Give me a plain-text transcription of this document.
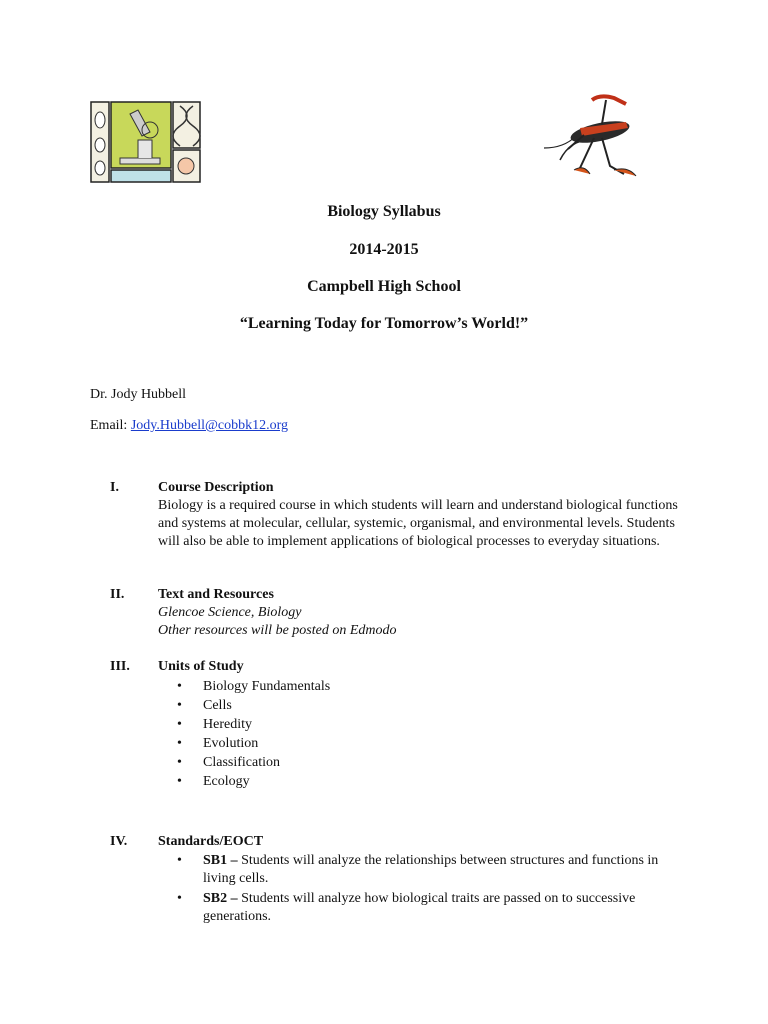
Biology Syllabus
2014-2015
Campbell High School
“Learning Today for Tomorrow’s World!”
Dr. Jody Hubbell
Email: Jody.Hubbell@cobbk12.org
I.	Course Description
Biology is a required course in which students will learn and understand biological functions and systems at molecular, cellular, systemic, organismal, and environmental levels. Students will also be able to implement applications of biological processes to everyday situations.
II. Text and Resources
Glencoe Science, Biology
Other resources will be posted on Edmodo
III. Units of Study
• Biology Fundamentals
• Cells
• Heredity
• Evolution
• Classification
• Ecology
IV. Standards/EOCT
• SB1 – Students will analyze the relationships between structures and functions in living cells.
• SB2 – Students will analyze how biological traits are passed on to successive generations.
